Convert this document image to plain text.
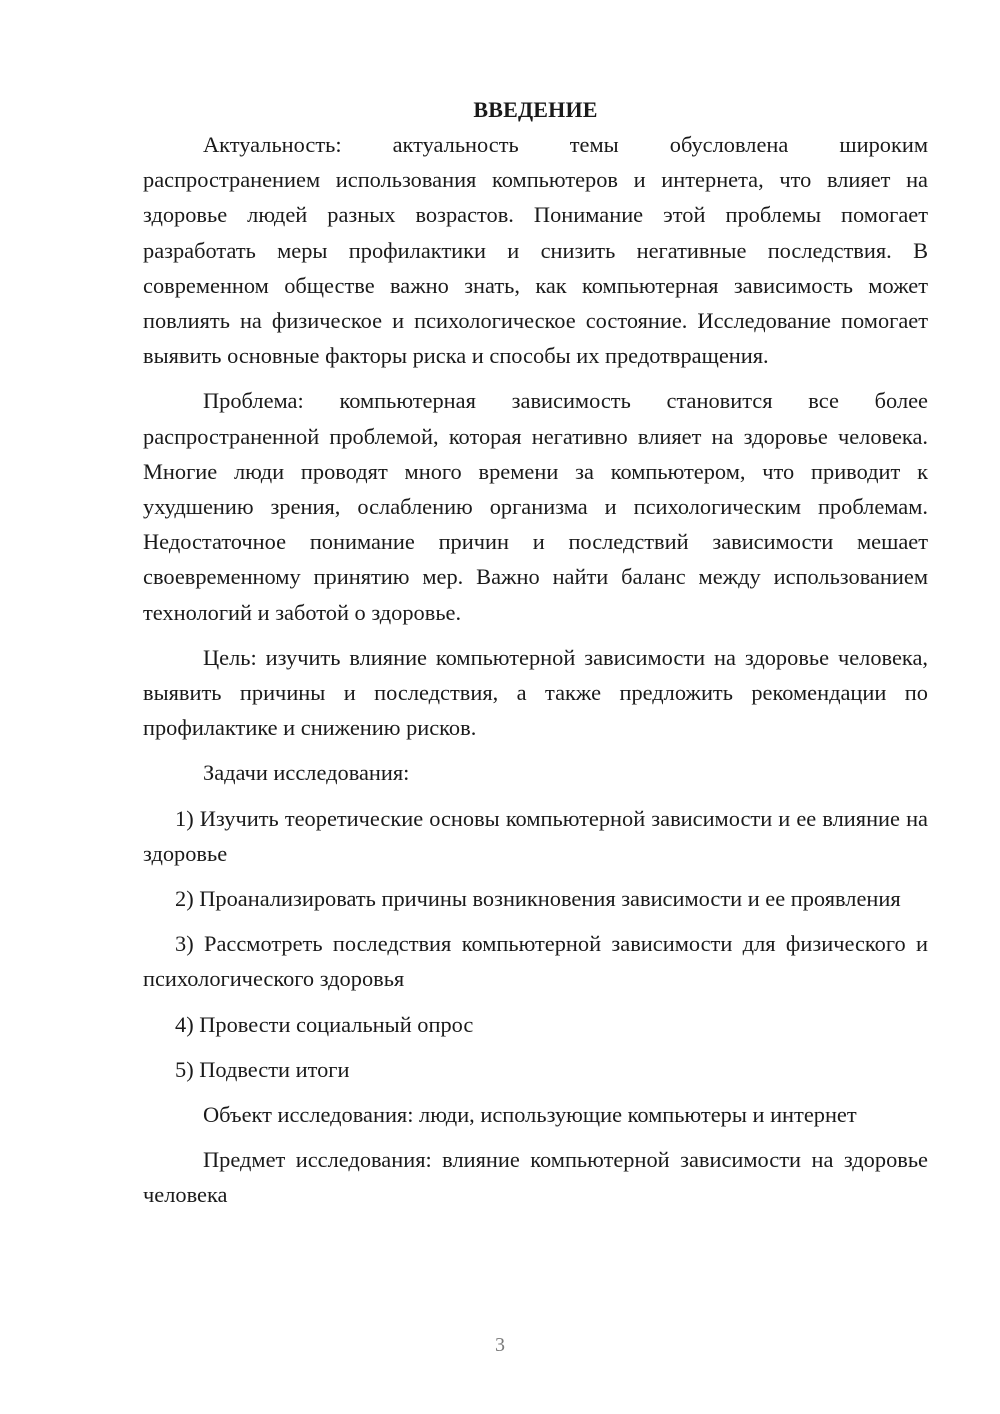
ВВЕДЕНИЕ

Актуальность: актуальность темы обусловлена широким распространением использования компьютеров и интернета, что влияет на здоровье людей разных возрастов. Понимание этой проблемы помогает разработать меры профилактики и снизить негативные последствия. В современном обществе важно знать, как компьютерная зависимость может повлиять на физическое и психологическое состояние. Исследование помогает выявить основные факторы риска и способы их предотвращения.

Проблема: компьютерная зависимость становится все более распространенной проблемой, которая негативно влияет на здоровье человека. Многие люди проводят много времени за компьютером, что приводит к ухудшению зрения, ослаблению организма и психологическим проблемам. Недостаточное понимание причин и последствий зависимости мешает своевременному принятию мер. Важно найти баланс между использованием технологий и заботой о здоровье.

Цель: изучить влияние компьютерной зависимости на здоровье человека, выявить причины и последствия, а также предложить рекомендации по профилактике и снижению рисков.

Задачи исследования:

1) Изучить теоретические основы компьютерной зависимости и ее влияние на здоровье

2) Проанализировать причины возникновения зависимости и ее проявления

3) Рассмотреть последствия компьютерной зависимости для физического и психологического здоровья

4) Провести социальный опрос

5) Подвести итоги

Объект исследования: люди, использующие компьютеры и интернет

Предмет исследования: влияние компьютерной зависимости на здоровье человека

3
